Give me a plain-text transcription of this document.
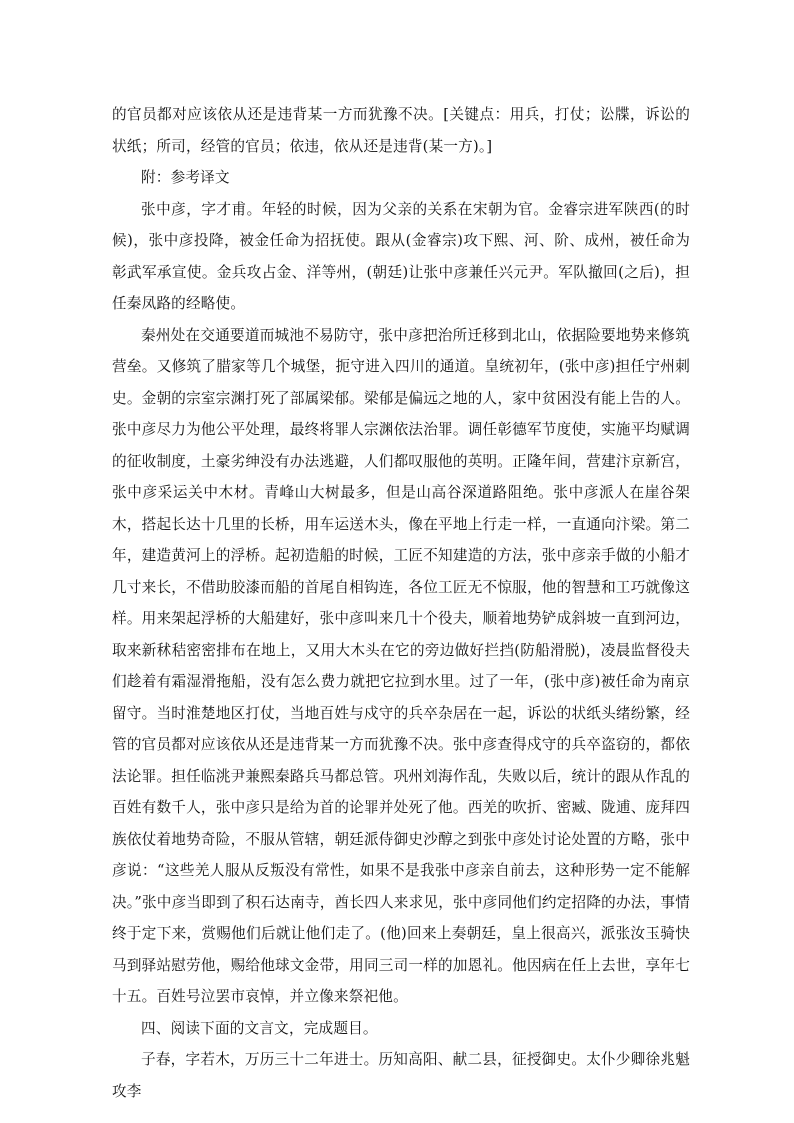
的官员都对应该依从还是违背某一方而犹豫不决。[关键点：用兵，打仗；讼牒，诉讼的状纸；所司，经管的官员；依违，依从还是违背(某一方)。]

附：参考译文

张中彦，字才甫。年轻的时候，因为父亲的关系在宋朝为官。金睿宗进军陕西(的时候)，张中彦投降，被金任命为招抚使。跟从(金睿宗)攻下熙、河、阶、成州，被任命为彰武军承宣使。金兵攻占金、洋等州，(朝廷)让张中彦兼任兴元尹。军队撤回(之后)，担任秦凤路的经略使。

秦州处在交通要道而城池不易防守，张中彦把治所迁移到北山，依据险要地势来修筑营垒。又修筑了腊家等几个城堡，扼守进入四川的通道。皇统初年，(张中彦)担任宁州刺史。金朝的宗室宗渊打死了部属梁郁。梁郁是偏远之地的人，家中贫困没有能上告的人。张中彦尽力为他公平处理，最终将罪人宗渊依法治罪。调任彰德军节度使，实施平均赋调的征收制度，土豪劣绅没有办法逃避，人们都叹服他的英明。正隆年间，营建汴京新宫，张中彦采运关中木材。青峰山大树最多，但是山高谷深道路阻绝。张中彦派人在崖谷架木，搭起长达十几里的长桥，用车运送木头，像在平地上行走一样，一直通向汴梁。第二年，建造黄河上的浮桥。起初造船的时候，工匠不知建造的方法，张中彦亲手做的小船才几寸来长，不借助胶漆而船的首尾自相钩连，各位工匠无不惊服，他的智慧和工巧就像这样。用来架起浮桥的大船建好，张中彦叫来几十个役夫，顺着地势铲成斜坡一直到河边，取来新秫秸密密排布在地上，又用大木头在它的旁边做好拦挡(防船滑脱)，凌晨监督役夫们趁着有霜湿滑拖船，没有怎么费力就把它拉到水里。过了一年，(张中彦)被任命为南京留守。当时淮楚地区打仗，当地百姓与戍守的兵卒杂居在一起，诉讼的状纸头绪纷繁，经管的官员都对应该依从还是违背某一方而犹豫不决。张中彦查得戍守的兵卒盗窃的，都依法论罪。担任临洮尹兼熙秦路兵马都总管。巩州刘海作乱，失败以后，统计的跟从作乱的百姓有数千人，张中彦只是给为首的论罪并处死了他。西羌的吹折、密臧、陇逋、庞拜四族依仗着地势奇险，不服从管辖，朝廷派侍御史沙醇之到张中彦处讨论处置的方略，张中彦说：“这些羌人服从反叛没有常性，如果不是我张中彦亲自前去，这种形势一定不能解决。”张中彦当即到了积石达南寺，酋长四人来求见，张中彦同他们约定招降的办法，事情终于定下来，赏赐他们后就让他们走了。(他)回来上奏朝廷，皇上很高兴，派张汝玉骑快马到驿站慰劳他，赐给他球文金带，用同三司一样的加恩礼。他因病在任上去世，享年七十五。百姓号泣罢市哀悼，并立像来祭祀他。

四、阅读下面的文言文，完成题目。

子春，字若木，万历三十二年进士。历知高阳、献二县，征授御史。太仆少卿徐兆魁攻李
